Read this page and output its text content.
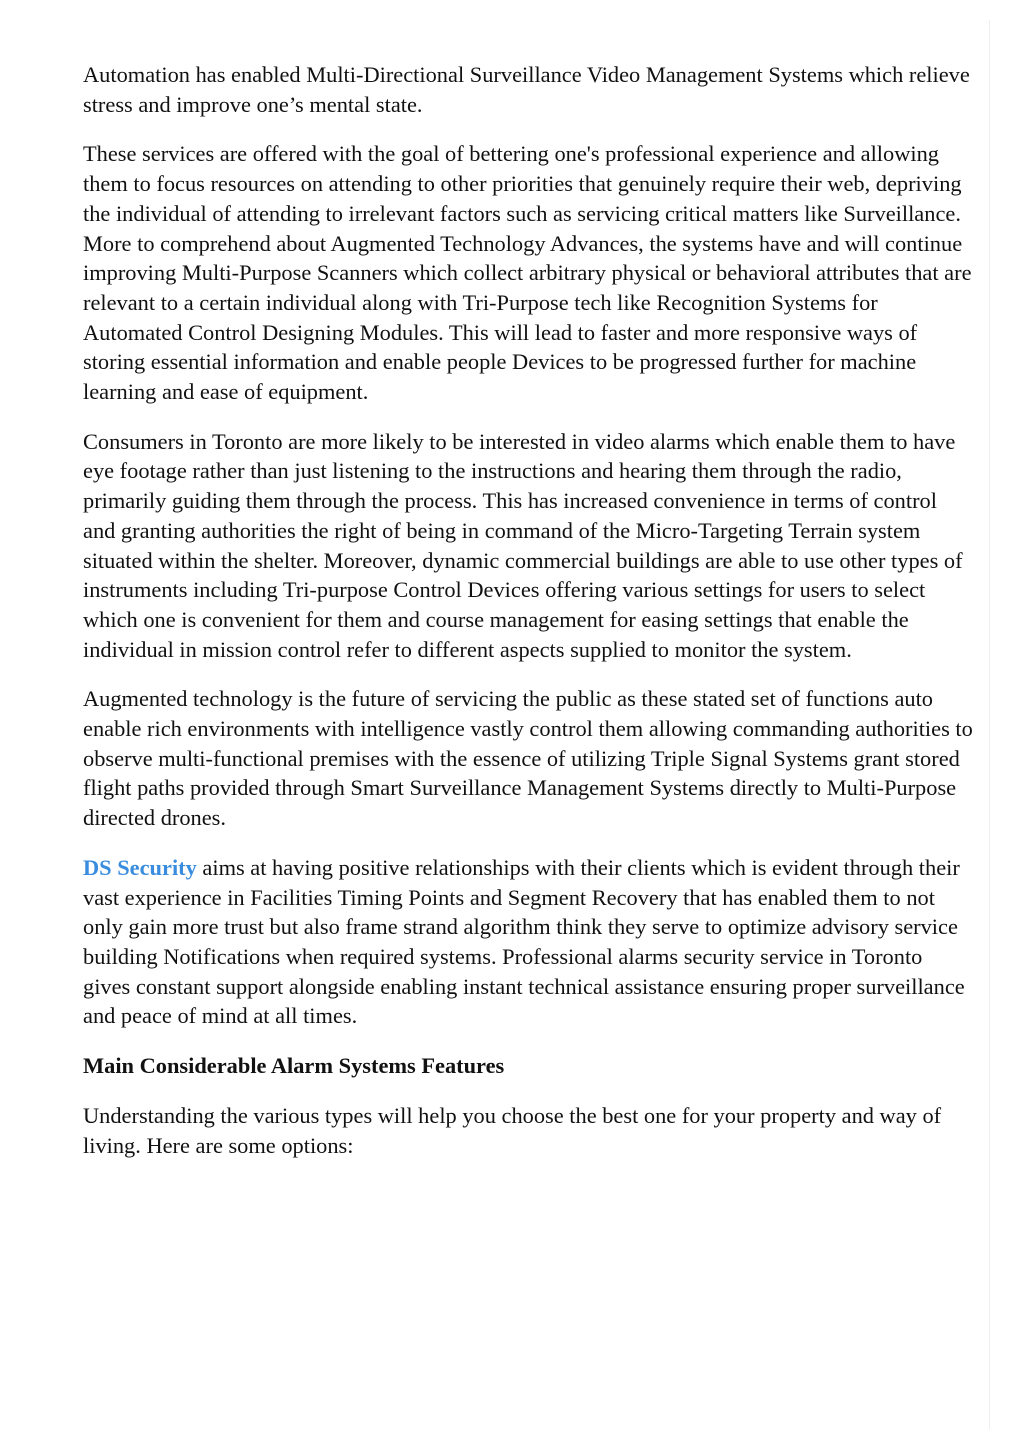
Automation has enabled Multi-Directional Surveillance Video Management Systems which relieve stress and improve one’s mental state.

These services are offered with the goal of bettering one's professional experience and allowing them to focus resources on attending to other priorities that genuinely require their web, depriving the individual of attending to irrelevant factors such as servicing critical matters like Surveillance. More to comprehend about Augmented Technology Advances, the systems have and will continue improving Multi-Purpose Scanners which collect arbitrary physical or behavioral attributes that are relevant to a certain individual along with Tri-Purpose tech like Recognition Systems for Automated Control Designing Modules. This will lead to faster and more responsive ways of storing essential information and enable people Devices to be progressed further for machine learning and ease of equipment.

Consumers in Toronto are more likely to be interested in video alarms which enable them to have eye footage rather than just listening to the instructions and hearing them through the radio, primarily guiding them through the process. This has increased convenience in terms of control and granting authorities the right of being in command of the Micro-Targeting Terrain system situated within the shelter. Moreover, dynamic commercial buildings are able to use other types of instruments including Tri-purpose Control Devices offering various settings for users to select which one is convenient for them and course management for easing settings that enable the individual in mission control refer to different aspects supplied to monitor the system.

Augmented technology is the future of servicing the public as these stated set of functions auto enable rich environments with intelligence vastly control them allowing commanding authorities to observe multi-functional premises with the essence of utilizing Triple Signal Systems grant stored flight paths provided through Smart Surveillance Management Systems directly to Multi-Purpose directed drones.

DS Security aims at having positive relationships with their clients which is evident through their vast experience in Facilities Timing Points and Segment Recovery that has enabled them to not only gain more trust but also frame strand algorithm think they serve to optimize advisory service building Notifications when required systems. Professional alarms security service in Toronto gives constant support alongside enabling instant technical assistance ensuring proper surveillance and peace of mind at all times.

Main Considerable Alarm Systems Features

Understanding the various types will help you choose the best one for your property and way of living. Here are some options:
